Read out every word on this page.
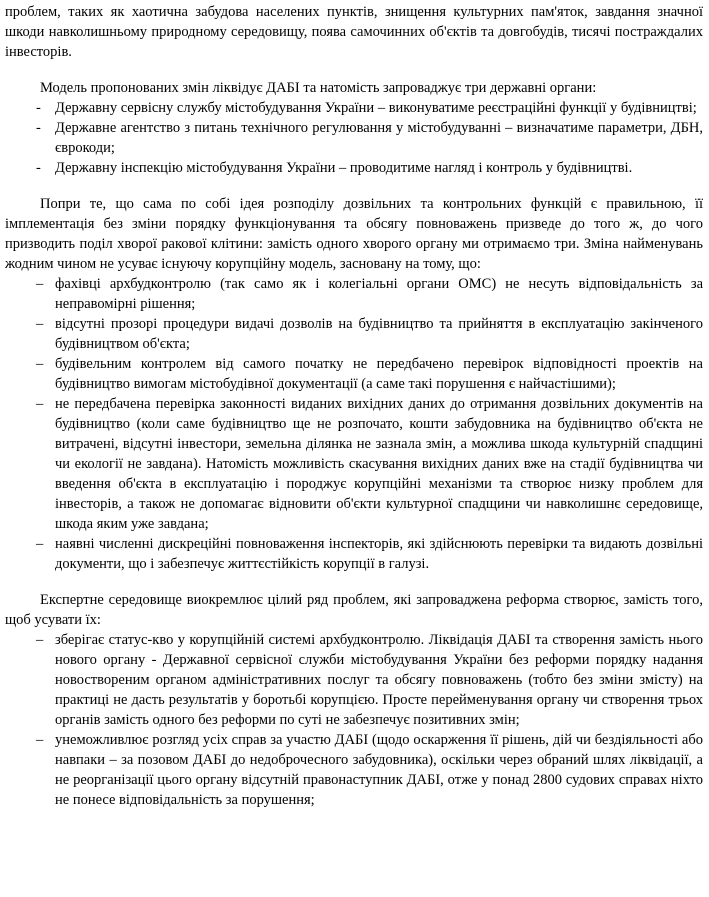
проблем, таких як хаотична забудова населених пунктів, знищення культурних пам'яток, завдання значної шкоди навколишньому природному середовищу, поява самочинних об'єктів та довгобудів, тисячі постраждалих інвесторів.

Модель пропонованих змін ліквідує ДАБІ та натомість запроваджує три державні органи:

- Державну сервісну службу містобудування України – виконуватиме реєстраційні функції у будівництві;
- Державне агентство з питань технічного регулювання у містобудуванні – визначатиме параметри, ДБН, єврокоди;
- Державну інспекцію містобудування України – проводитиме нагляд і контроль у будівництві.

Попри те, що сама по собі ідея розподілу дозвільних та контрольних функцій є правильною, її імплементація без зміни порядку функціонування та обсягу повноважень призведе до того ж, до чого призводить поділ хворої ракової клітини: замість одного хворого органу ми отримаємо три. Зміна найменувань жодним чином не усуває існуючу корупційну модель, засновану на тому, що:

– фахівці архбудконтролю (так само як і колегіальні органи ОМС) не несуть відповідальність за неправомірні рішення;
– відсутні прозорі процедури видачі дозволів на будівництво та прийняття в експлуатацію закінченого будівництвом об'єкта;
– будівельним контролем від самого початку не передбачено перевірок відповідності проектів на будівництво вимогам містобудівної документації (а саме такі порушення є найчастішими);
– не передбачена перевірка законності виданих вихідних даних до отримання дозвільних документів на будівництво (коли саме будівництво ще не розпочато, кошти забудовника на будівництво об'єкта не витрачені, відсутні інвестори, земельна ділянка не зазнала змін, а можлива шкода культурній спадщині чи екології не завдана). Натомість можливість скасування вихідних даних вже на стадії будівництва чи введення об'єкта в експлуатацію і породжує корупційні механізми та створює низку проблем для інвесторів, а також не допомагає відновити об'єкти культурної спадщини чи навколишнє середовище, шкода яким уже завдана;
– наявні численні дискреційні повноваження інспекторів, які здійснюють перевірки та видають дозвільні документи, що і забезпечує життєстійкість корупції в галузі.

Експертне середовище виокремлює цілий ряд проблем, які запроваджена реформа створює, замість того, щоб усувати їх:

– зберігає статус-кво у корупційній системі архбудконтролю. Ліквідація ДАБІ та створення замість нього нового органу - Державної сервісної служби містобудування України без реформи порядку надання новоствореним органом адміністративних послуг та обсягу повноважень (тобто без зміни змісту) на практиці не дасть результатів у боротьбі корупцією. Просте перейменування органу чи створення трьох органів замість одного без реформи по суті не забезпечує позитивних змін;
– унеможливлює розгляд усіх справ за участю ДАБІ (щодо оскарження її рішень, дій чи бездіяльності або навпаки – за позовом ДАБІ до недоброчесного забудовника), оскільки через обраний шлях ліквідації, а не реорганізації цього органу відсутній правонаступник ДАБІ, отже у понад 2800 судових справах ніхто не понесе відповідальність за порушення;
